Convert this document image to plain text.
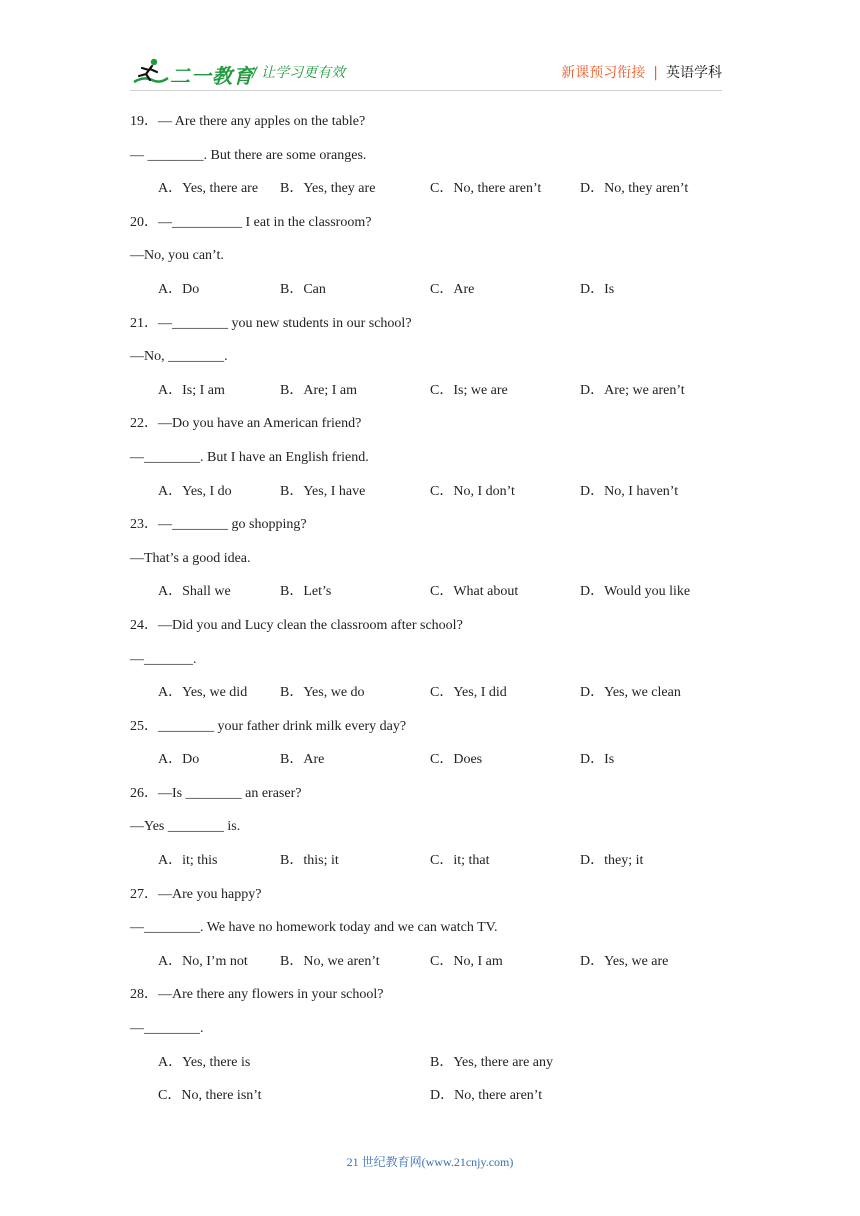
二一教育
/ 让学习更有效	新课预习衔接 | 英语学科
19．— Are there any apples on the table?
— ________. But there are some oranges.
A．Yes, there are B．Yes, they are	C．No, there aren’t	D．No, they aren’t
20．—__________ I eat in the classroom?
—No, you can’t.
A．Do	B．Can	C．Are	D．Is
21．—________ you new students in our school?
—No, ________.
A．Is; I am	B．Are; I am	C．Is; we are	D．Are; we aren’t
22．—Do you have an American friend?
—________. But I have an English friend.
A．Yes, I do	B．Yes, I have	C．No, I don’t	D．No, I haven’t
23．—________ go shopping?
—That’s a good idea.
A．Shall we	B．Let’s	C．What about	D．Would you like
24．—Did you and Lucy clean the classroom after school?
—_______.
A．Yes, we did B．Yes, we do	C．Yes, I did	D．Yes, we clean
25．________ your father drink milk every day?
A．Do	B．Are	C．Does	D．Is
26．—Is ________ an eraser?
—Yes ________ is.
A．it; this	B．this; it	C．it; that	D．they; it
27．—Are you happy?
—________. We have no homework today and we can watch TV.
A．No, I’m not B．No, we aren’t	C．No, I am	D．Yes, we are
28．—Are there any flowers in your school?
—________.
A．Yes, there is	B．Yes, there are any
C．No, there isn’t	D．No, there aren’t
21 世纪教育网(www.21cnjy.com)
